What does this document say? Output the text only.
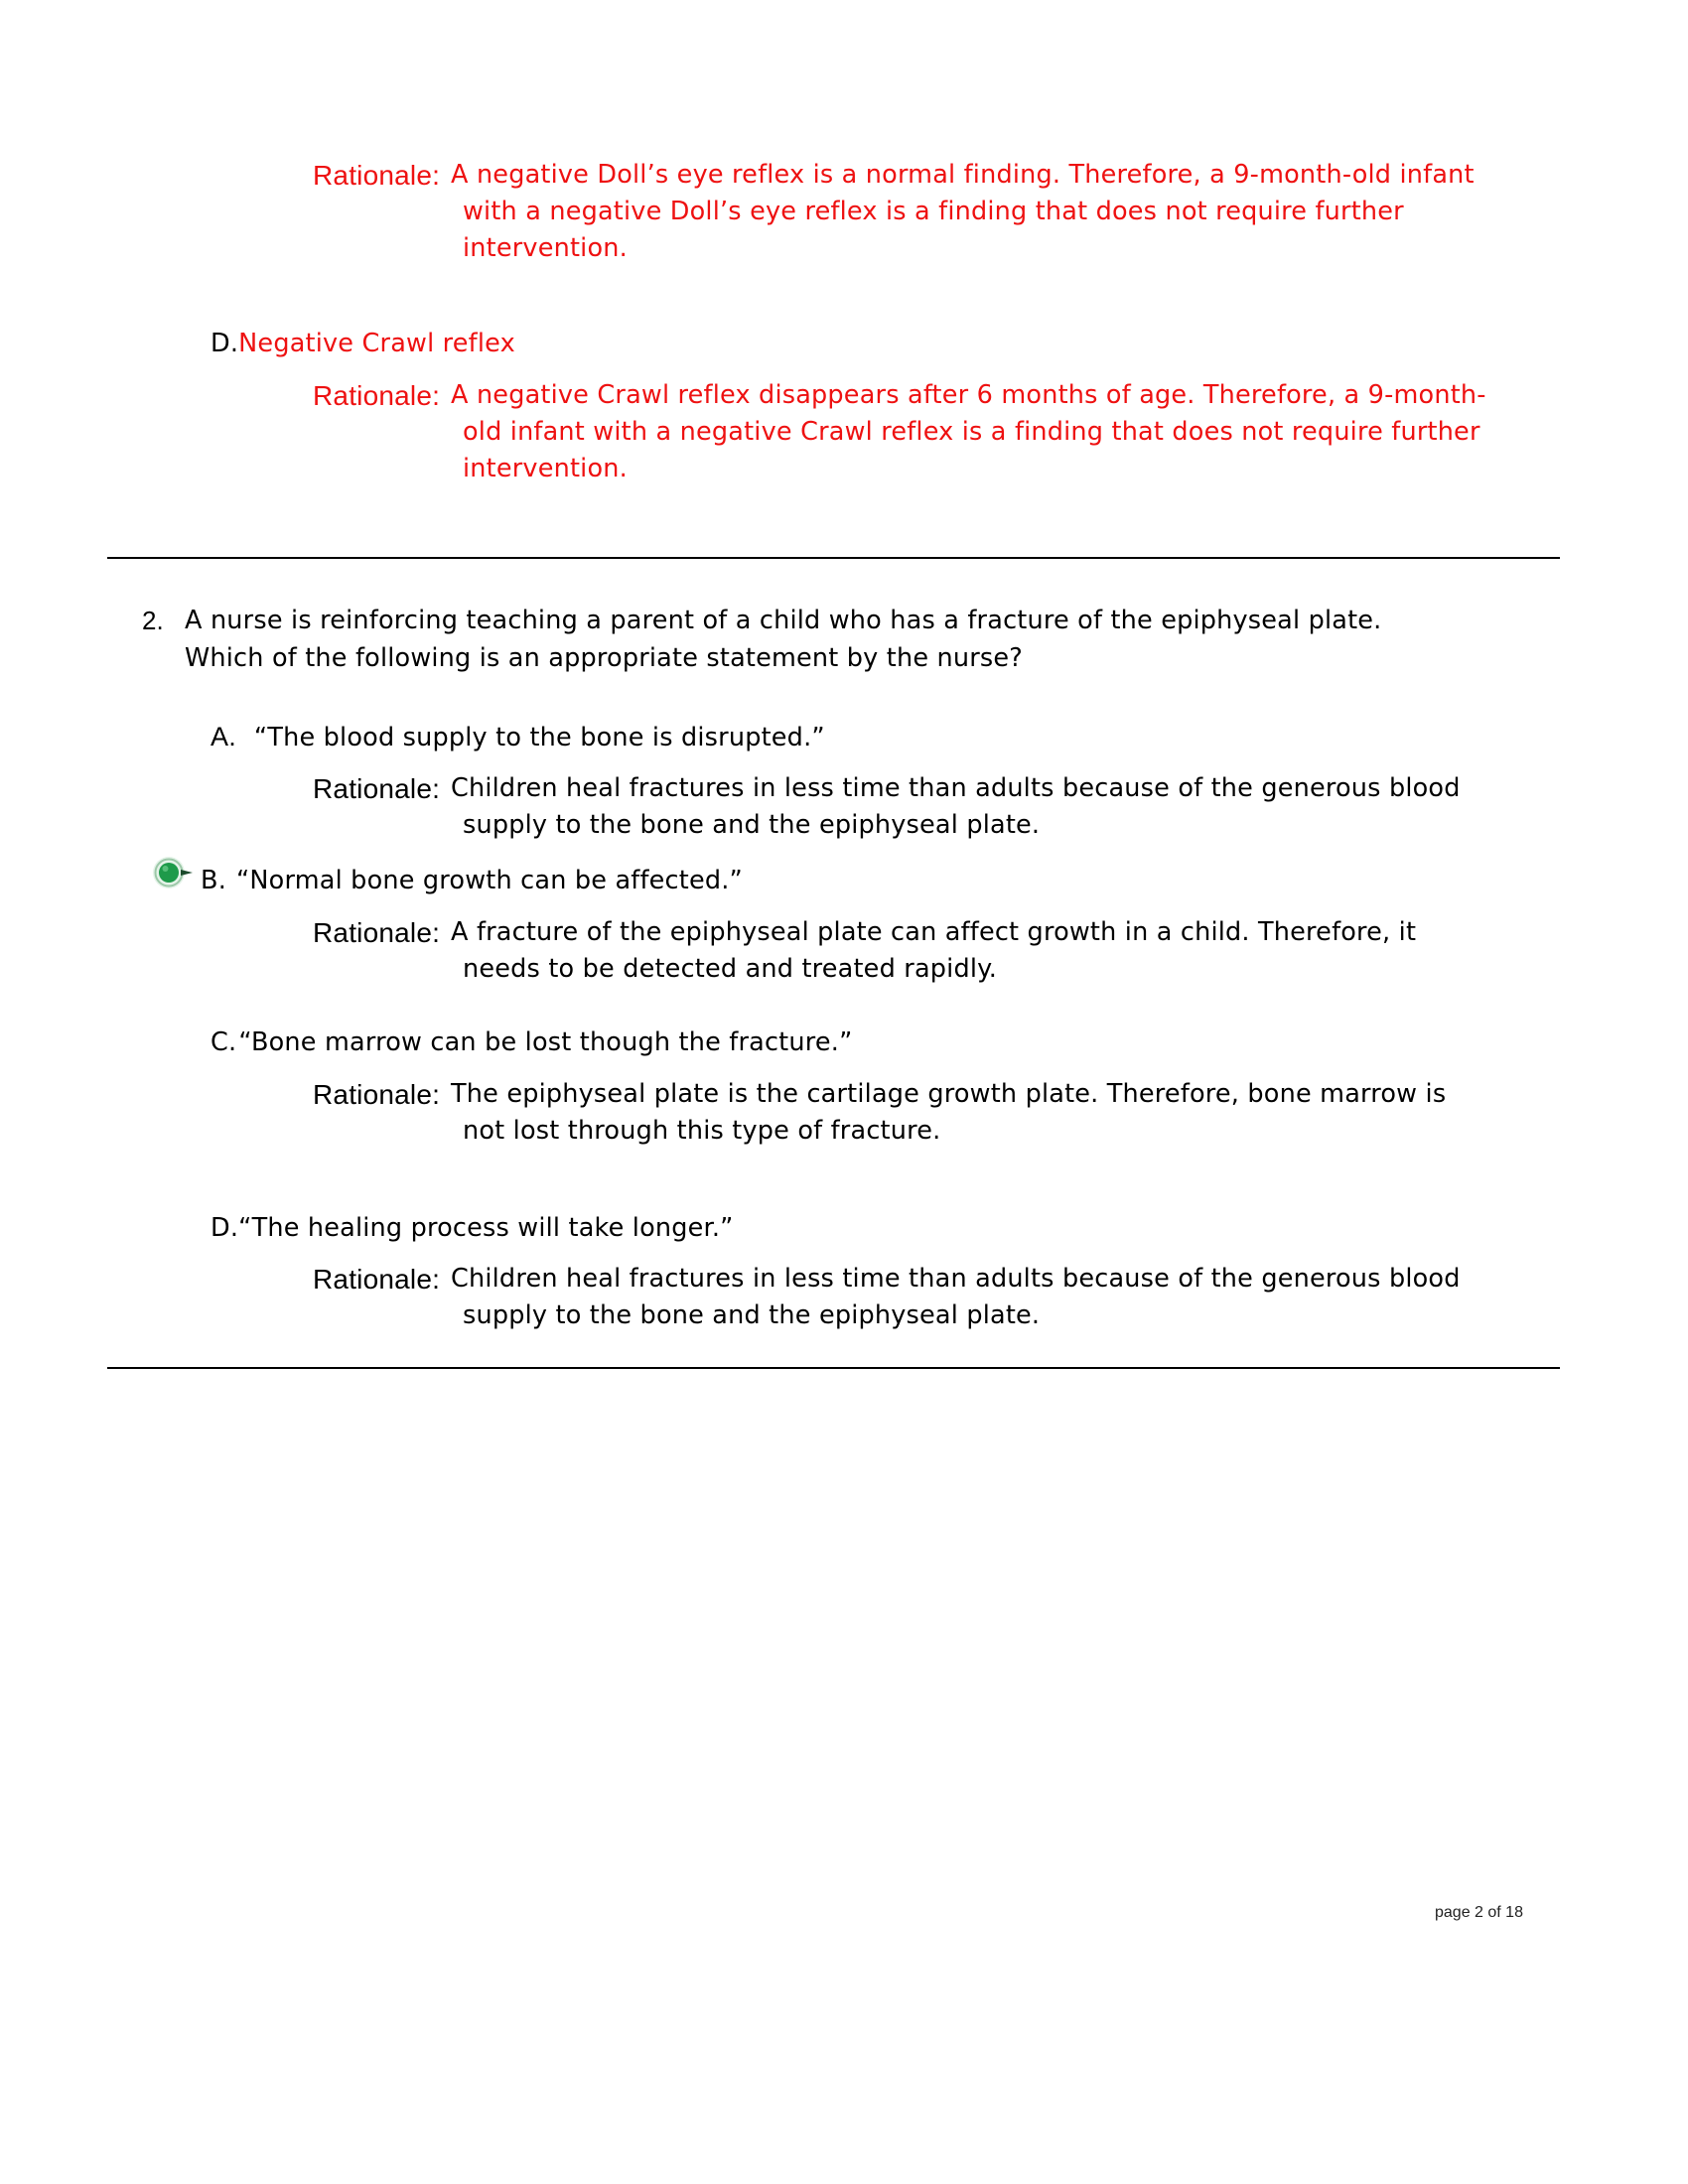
Rationale: A negative Doll’s eye reflex is a normal finding. Therefore, a 9-month-old infant with a negative Doll’s eye reflex is a finding that does not require further intervention.
D.Negative Crawl reflex
Rationale: A negative Crawl reflex disappears after 6 months of age. Therefore, a 9-month-old infant with a negative Crawl reflex is a finding that does not require further intervention.
2. A nurse is reinforcing teaching a parent of a child who has a fracture of the epiphyseal plate. Which of the following is an appropriate statement by the nurse?
A. “The blood supply to the bone is disrupted.”
Rationale: Children heal fractures in less time than adults because of the generous blood supply to the bone and the epiphyseal plate.
B. “Normal bone growth can be affected.”
Rationale: A fracture of the epiphyseal plate can affect growth in a child. Therefore, it needs to be detected and treated rapidly.
C.“Bone marrow can be lost though the fracture.”
Rationale: The epiphyseal plate is the cartilage growth plate. Therefore, bone marrow is not lost through this type of fracture.
D.“The healing process will take longer.”
Rationale: Children heal fractures in less time than adults because of the generous blood supply to the bone and the epiphyseal plate.
page 2 of 18
